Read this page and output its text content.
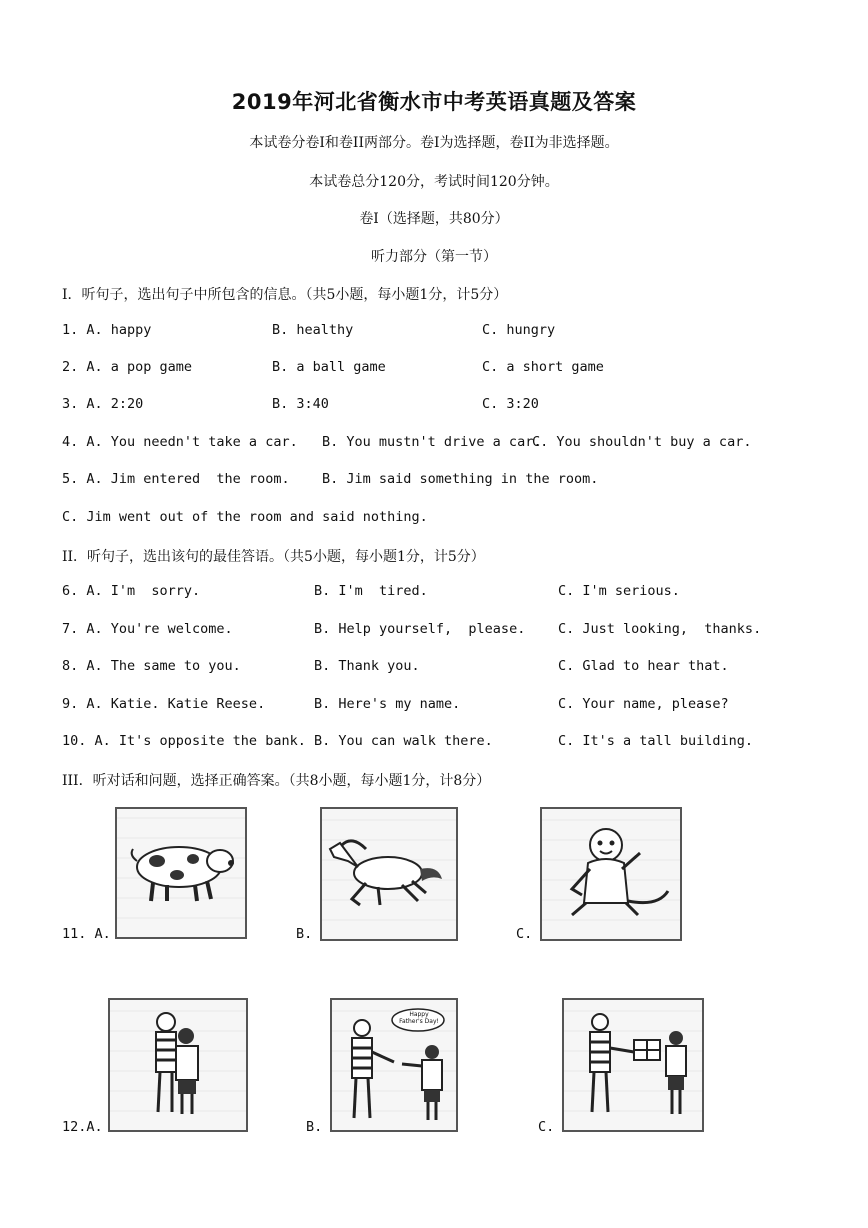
2019年河北省衡水市中考英语真题及答案
本试卷分卷Ⅰ和卷II两部分。卷Ⅰ为选择题，卷II为非选择题。
本试卷总分120分，考试时间120分钟。
卷Ⅰ（选择题，共80分）
听力部分（第一节）
I．听句子，选出句子中所包含的信息。（共5小题，每小题1分，计5分）
1. A. happy	B. healthy	C. hungry
2. A. a pop game	B. a ball game	C. a short game
3. A. 2:20	B. 3:40	C. 3:20
4. A. You needn't take a car. B. You mustn't drive a car.
C. You shouldn't buy a car.
5. A. Jim entered  the room. B. Jim said something in the room.
C. Jim went out of the room and said nothing.
II．听句子，选出该句的最佳答语。（共5小题，每小题1分，计5分）
6. A. I'm  sorry.	B. I'm  tired.	C. I'm serious.
7. A. You're welcome.	B. Help yourself,  please. C. Just looking,  thanks.
8. A. The same to you.	B. Thank you.	C. Glad to hear that.
9. A. Katie. Katie Reese.	B. Here's my name.	C. Your name, please?
10. A. It's opposite the bank. B. You can walk there.	C. It's a tall building.
III．听对话和问题，选择正确答案。（共8小题，每小题1分，计8分）
11. A.	B.	C.
12.A.	B.
Happy
Father's Day!
C.
